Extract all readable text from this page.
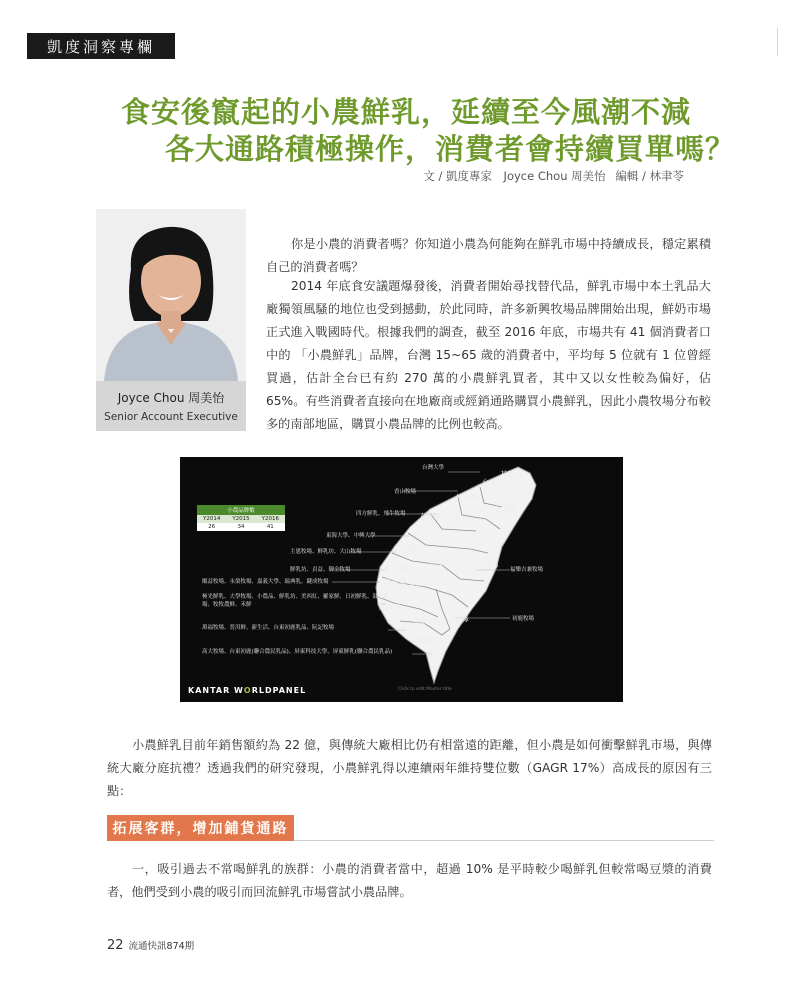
凱度洞察專欄
食安後竄起的小農鮮乳，延續至今風潮不減
各大通路積極操作，消費者會持續買單嗎？
文 / 凱度專家　Joyce Chou 周美怡 編輯 / 林聿苓
Joyce Chou 周美怡
Senior Account Executive
你是小農的消費者嗎？你知道小農為何能夠在鮮乳市場中持續成長，穩定累積自己的消費者嗎？
2014 年底食安議題爆發後，消費者開始尋找替代品，鮮乳市場中本土乳品大廠獨領風騷的地位也受到撼動，於此同時，許多新興牧場品牌開始出現，鮮奶市場正式進入戰國時代。根據我們的調查，截至 2016 年底，市場共有 41 個消費者口中的 「小農鮮乳」品牌，台灣 15~65 歲的消費者中，平均每 5 位就有 1 位曾經買過，估計全台已有約 270 萬的小農鮮乳買者，其中又以女性較為偏好，佔 65%。有些消費者直接向在地廠商或經銷通路購買小農鮮乳，因此小農牧場分布較多的南部地區，購買小農品牌的比例也較高。
小農品牌數
Y2014	Y2015	Y2016
26	34	41
台灣大學
香山牧場
四方鮮乳、飛牛牧場
東海大學、中興大學
主恩牧場、鮮乳坊、大山牧場
鮮乳坊、貞益、御全牧場
順益牧場、永榮牧場、嘉義大學、瑞典乳、鍵成牧場
極光鮮乳、大學牧場、小農品、鮮乳坊、美西紅、羅家鮮、日初鮮乳、鼓浪牧場、牧牧農鮮、禾鮮
萬福牧場、普洱鮮、新生活、台東初鹿乳品、阮記牧場
高大牧場、台東初鹿(聯合農民乳品)、屏東科技大學、屏東鮮乳(聯合農民乳品)
福樂吉兼牧場
初鹿牧場
基隆市
台北市
新北市
桃園縣
新竹縣
宜蘭縣
苗栗縣
台中市
彰化縣
南投縣	花蓮縣
雲林縣
嘉義縣
嘉義市
台南市
高雄市 台東縣
屏東縣
KANTAR WORLDPANEL	Click to edit Master title
小農鮮乳目前年銷售額約為 22 億，與傳統大廠相比仍有相當遠的距離，但小農是如何衝擊鮮乳市場，與傳統大廠分庭抗禮？透過我們的研究發現，小農鮮乳得以連續兩年維持雙位數（GAGR 17%）高成長的原因有三點：
拓展客群，增加鋪貨通路
一，吸引過去不常喝鮮乳的族群：小農的消費者當中，超過 10% 是平時較少喝鮮乳但較常喝豆漿的消費者，他們受到小農的吸引而回流鮮乳市場嘗試小農品牌。
22 流通快訊874期
